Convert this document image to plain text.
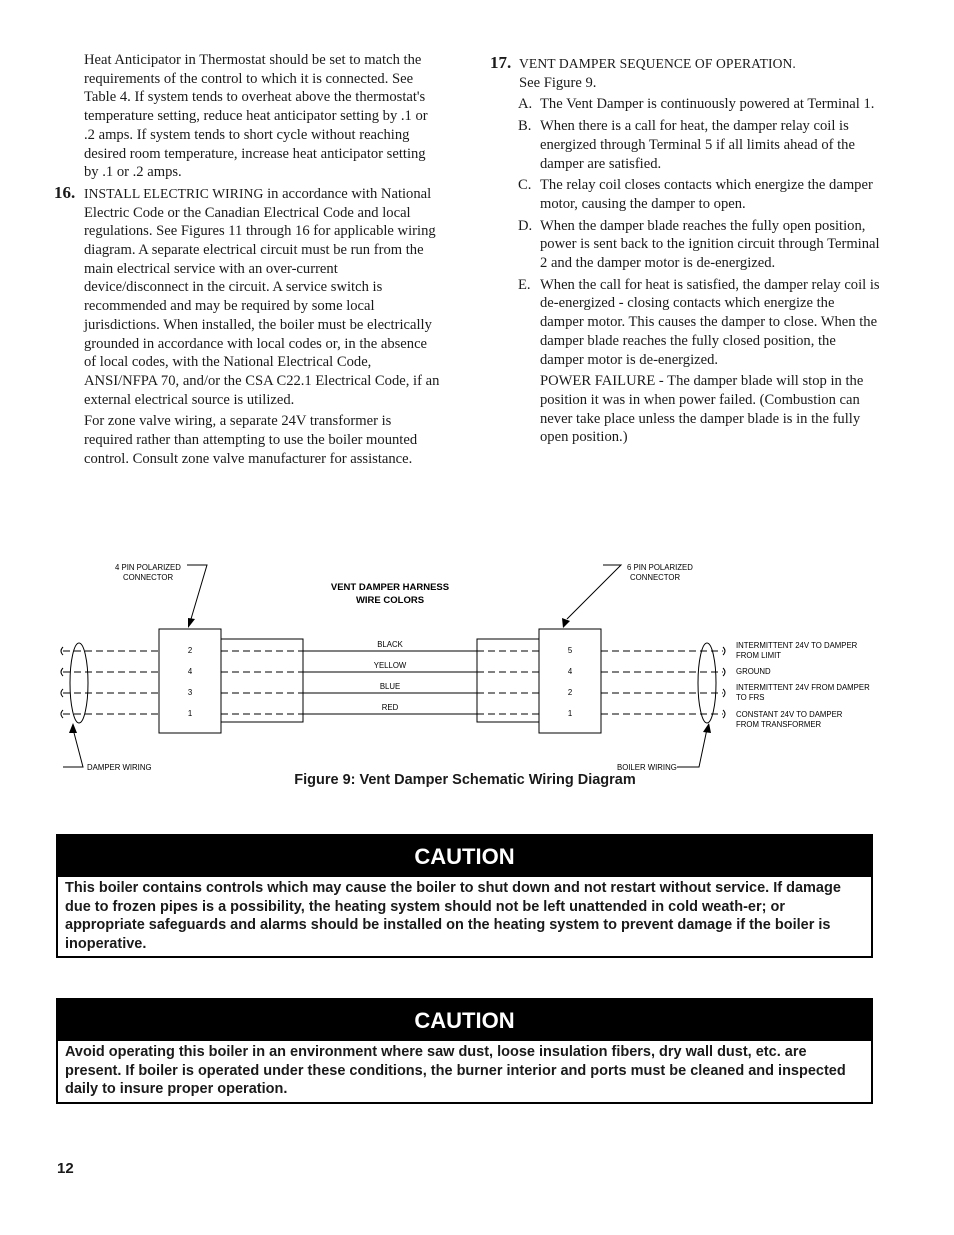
Heat Anticipator in Thermostat should be set to match the requirements of the control to which it is connected. See Table 4. If system tends to overheat above the thermostat's temperature setting, reduce heat anticipator setting by .1 or .2 amps. If system tends to short cycle without reaching desired room temperature, increase heat anticipator setting by .1 or .2 amps.

16. INSTALL ELECTRIC WIRING in accordance with National Electric Code or the Canadian Electrical Code and local regulations. See Figures 11 through 16 for applicable wiring diagram. A separate electrical circuit must be run from the main electrical service with an over-current device/disconnect in the circuit. A service switch is recommended and may be required by some local jurisdictions. When installed, the boiler must be electrically grounded in accordance with local codes or, in the absence of local codes, with the National Electrical Code, ANSI/NFPA 70, and/or the CSA C22.1 Electrical Code, if an external electrical source is utilized.

For zone valve wiring, a separate 24V transformer is required rather than attempting to use the boiler mounted control. Consult zone valve manufacturer for assistance.

17. VENT DAMPER SEQUENCE OF OPERATION.
See Figure 9.
A. The Vent Damper is continuously powered at Terminal 1.
B. When there is a call for heat, the damper relay coil is energized through Terminal 5 if all limits ahead of the damper are satisfied.
C. The relay coil closes contacts which energize the damper motor, causing the damper to open.
D. When the damper blade reaches the fully open position, power is sent back to the ignition circuit through Terminal 2 and the damper motor is de-energized.
E. When the call for heat is satisfied, the damper relay coil is de-energized - closing contacts which energize the damper motor. This causes the damper to close. When the damper blade reaches the fully closed position, the damper motor is de-energized.

POWER FAILURE - The damper blade will stop in the position it was in when power failed. (Combustion can never take place unless the damper blade is in the fully open position.)

4 PIN POLARIZED
CONNECTOR
6 PIN POLARIZED
CONNECTOR
VENT DAMPER HARNESS
WIRE COLORS
2
4
3
1
5
4
2
1
BLACK
YELLOW
BLUE
RED
INTERMITTENT 24V TO DAMPER
FROM LIMIT
GROUND
INTERMITTENT 24V FROM DAMPER
TO FRS
CONSTANT 24V TO DAMPER
FROM TRANSFORMER
DAMPER WIRING	BOILER WIRING
Figure 9: Vent Damper Schematic Wiring Diagram
CAUTION
This boiler contains controls which may cause the boiler to shut down and not restart without service. If damage due to frozen pipes is a possibility, the heating system should not be left unattended in cold weath-er; or appropriate safeguards and alarms should be installed on the heating system to prevent damage if the boiler is inoperative.
CAUTION
Avoid operating this boiler in an environment where saw dust, loose insulation fibers, dry wall dust, etc. are present. If boiler is operated under these conditions, the burner interior and ports must be cleaned and inspected daily to insure proper operation.
12
